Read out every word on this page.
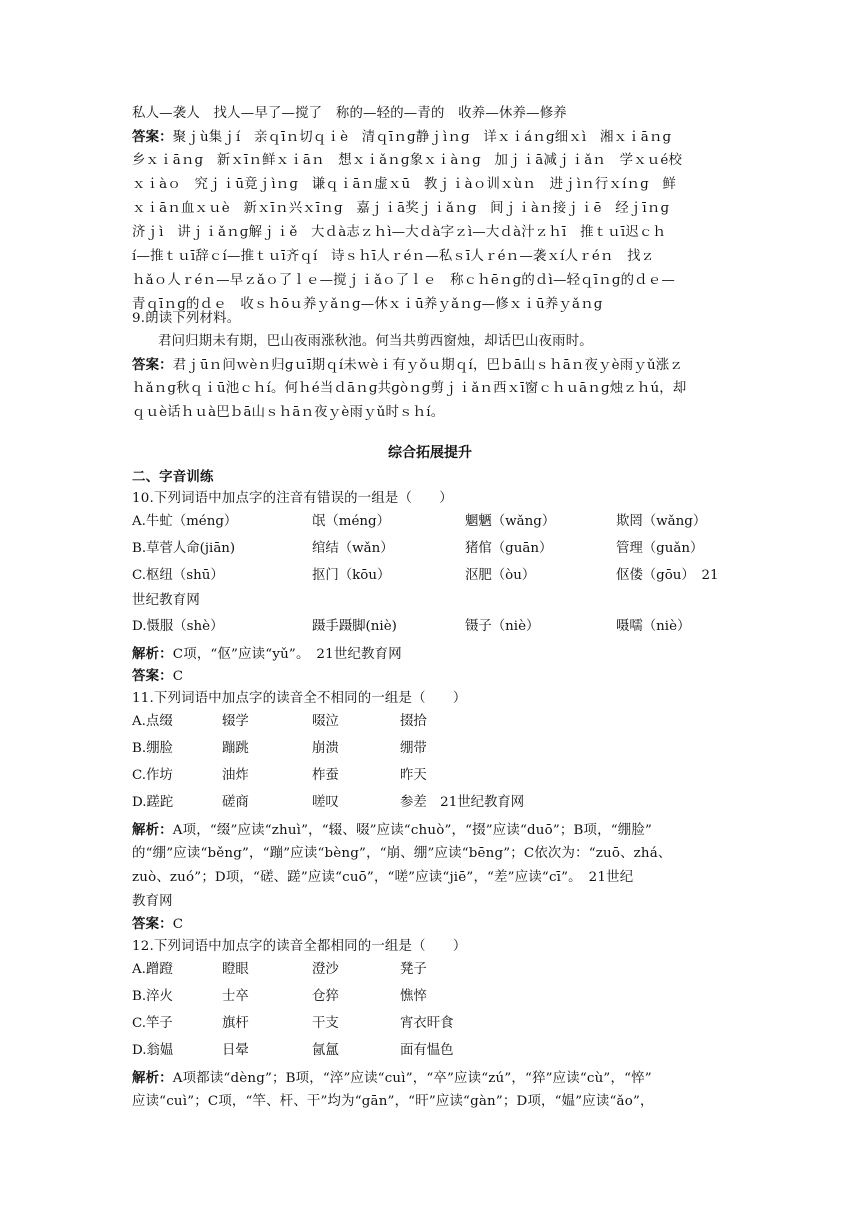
私人—袭人　找人—早了—搅了　称的—轻的—青的　收养—休养—修养
答案：聚ｊù集ｊí　亲ｑīｎ切ｑｉè　清ｑīｎɡ静ｊìｎɡ　详ｘｉáｎɡ细ｘì　湘ｘｉāｎɡ
乡ｘｉāｎɡ　新ｘīｎ鲜ｘｉāｎ　想ｘｉǎｎɡ象ｘｉàｎɡ　加ｊｉā减ｊｉǎｎ　学ｘｕé校
ｘｉàｏ　究ｊｉū竟ｊìｎɡ　谦ｑｉāｎ虚ｘū　教ｊｉàｏ训ｘùｎ　进ｊìｎ行ｘíｎɡ　鲜
ｘｉāｎ血ｘｕè　新ｘīｎ兴ｘīｎɡ　嘉ｊｉā奖ｊｉǎｎɡ　间ｊｉàｎ接ｊｉē　经ｊīｎɡ
济ｊì　讲ｊｉǎｎɡ解ｊｉě　大ｄà志ｚｈì—大ｄà字ｚì—大ｄà汁ｚｈī　推ｔｕī迟ｃｈ
í—推ｔｕī辞ｃí—推ｔｕī齐ｑí　诗ｓｈī人ｒéｎ—私ｓī人ｒéｎ—袭ｘí人ｒéｎ　找ｚ
ｈǎｏ人ｒéｎ—早ｚǎｏ了ｌｅ—搅ｊｉǎｏ了ｌｅ　称ｃｈēｎɡ的ｄì—轻ｑīｎɡ的ｄｅ—
青ｑīｎɡ的ｄｅ　收ｓｈōｕ养ｙǎｎɡ—休ｘｉū养ｙǎｎɡ—修ｘｉū养ｙǎｎɡ
9.朗读下列材料。
君问归期未有期，巴山夜雨涨秋池。何当共剪西窗烛，却话巴山夜雨时。
答案：君ｊūｎ问ｗèｎ归ɡｕī期ｑí未ｗèｉ有ｙǒｕ期ｑí，巴ｂā山ｓｈāｎ夜ｙè雨ｙǔ涨ｚ
ｈǎｎɡ秋ｑｉū池ｃｈí。何ｈé当ｄāｎɡ共ɡòｎɡ剪ｊｉǎｎ西ｘī窗ｃｈｕāｎɡ烛ｚｈú，却
ｑｕè话ｈｕà巴ｂā山ｓｈāｎ夜ｙè雨ｙǔ时ｓｈí。
综合拓展提升
二、字音训练
10.下列词语中加点字的注音有错误的一组是（　　）
A.牛虻（méng）	氓（méng）	魍魉（wǎng）	欺罔（wǎng）
B.草菅人命(jiān)	绾结（wǎn）	猪倌（guān）	管理（guǎn）
C.枢纽（shū）	抠门（kōu）	沤肥（òu）	伛偻（gōu）　21
世纪教育网
D.慑服（shè）	蹑手蹑脚(niè)	镊子（niè）	嗫嚅（niè）
解析：C项，“伛”应读“yǔ”。　21世纪教育网
答案：C
11.下列词语中加点字的读音全不相同的一组是（　　）
A.点缀	辍学	啜泣	掇拾
B.绷脸	蹦跳	崩溃	绷带
C.作坊	油炸	柞蚕	昨天
D.蹉跎	磋商	嗟叹	参差　21世纪教育网
解析：A项，“缀”应读“zhuì”，“辍、啜”应读“chuò”，“掇”应读“duō”；B项，“绷脸”
的“绷”应读“běng”，“蹦”应读“bèng”，“崩、绷”应读“bēng”；C依次为：“zuō、zhá、
zuò、zuó”；D项，“磋、蹉”应读“cuō”，“嗟”应读“jiē”，“差”应读“cī”。　21世纪
教育网
答案：C
12.下列词语中加点字的读音全都相同的一组是（　　）
A.蹭蹬	瞪眼	澄沙	凳子
B.淬火	士卒	仓猝	憔悴
C.竿子	旗杆	干支	宵衣旰食
D.翁媪	日晕	氤氲	面有愠色
解析：A项都读“dèng”；B项，“淬”应读“cuì”，“卒”应读“zú”，“猝”应读“cù”，“悴”
应读“cuì”；C项，“竿、杆、干”均为“gān”，“旰”应读“gàn”；D项，“媪”应读“ǎo”，
